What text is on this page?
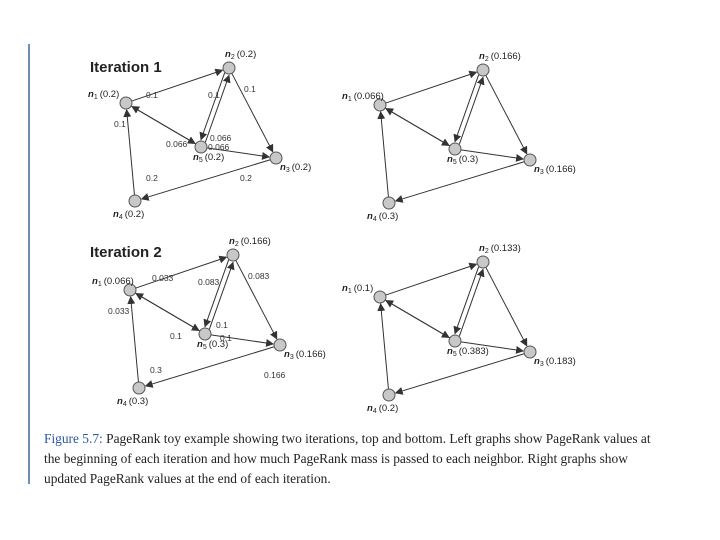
Iteration 1
Iteration 2
$n_1$ (0.2)
$n_2$ (0.2)
$n_3$ (0.2)
$n_4$ (0.2)
$n_5$ (0.2)
0.1	0.1
0.1
0.1
0.066
0.066
0.066
0.2	0.2
$n_1$ (0.066)
$n_2$ (0.166)
$n_3$ (0.166)
$n_4$ (0.3)
$n_5$ (0.3)
$n_1$ (0.066)
$n_2$ (0.166)
$n_3$ (0.166)
$n_4$ (0.3)
$n_5$ (0.3)
0.033	0.083
0.083
0.033
0.1
0.1
0.1
0.3	0.166
$n_1$ (0.1)
$n_2$ (0.133)
$n_3$ (0.183)
$n_4$ (0.2)
$n_5$ (0.383)
Figure 5.7: PageRank toy example showing two iterations, top and bottom. Left graphs show PageRank values at the beginning of each iteration and how much PageRank mass is passed to each neighbor. Right graphs show updated PageRank values at the end of each iteration.
